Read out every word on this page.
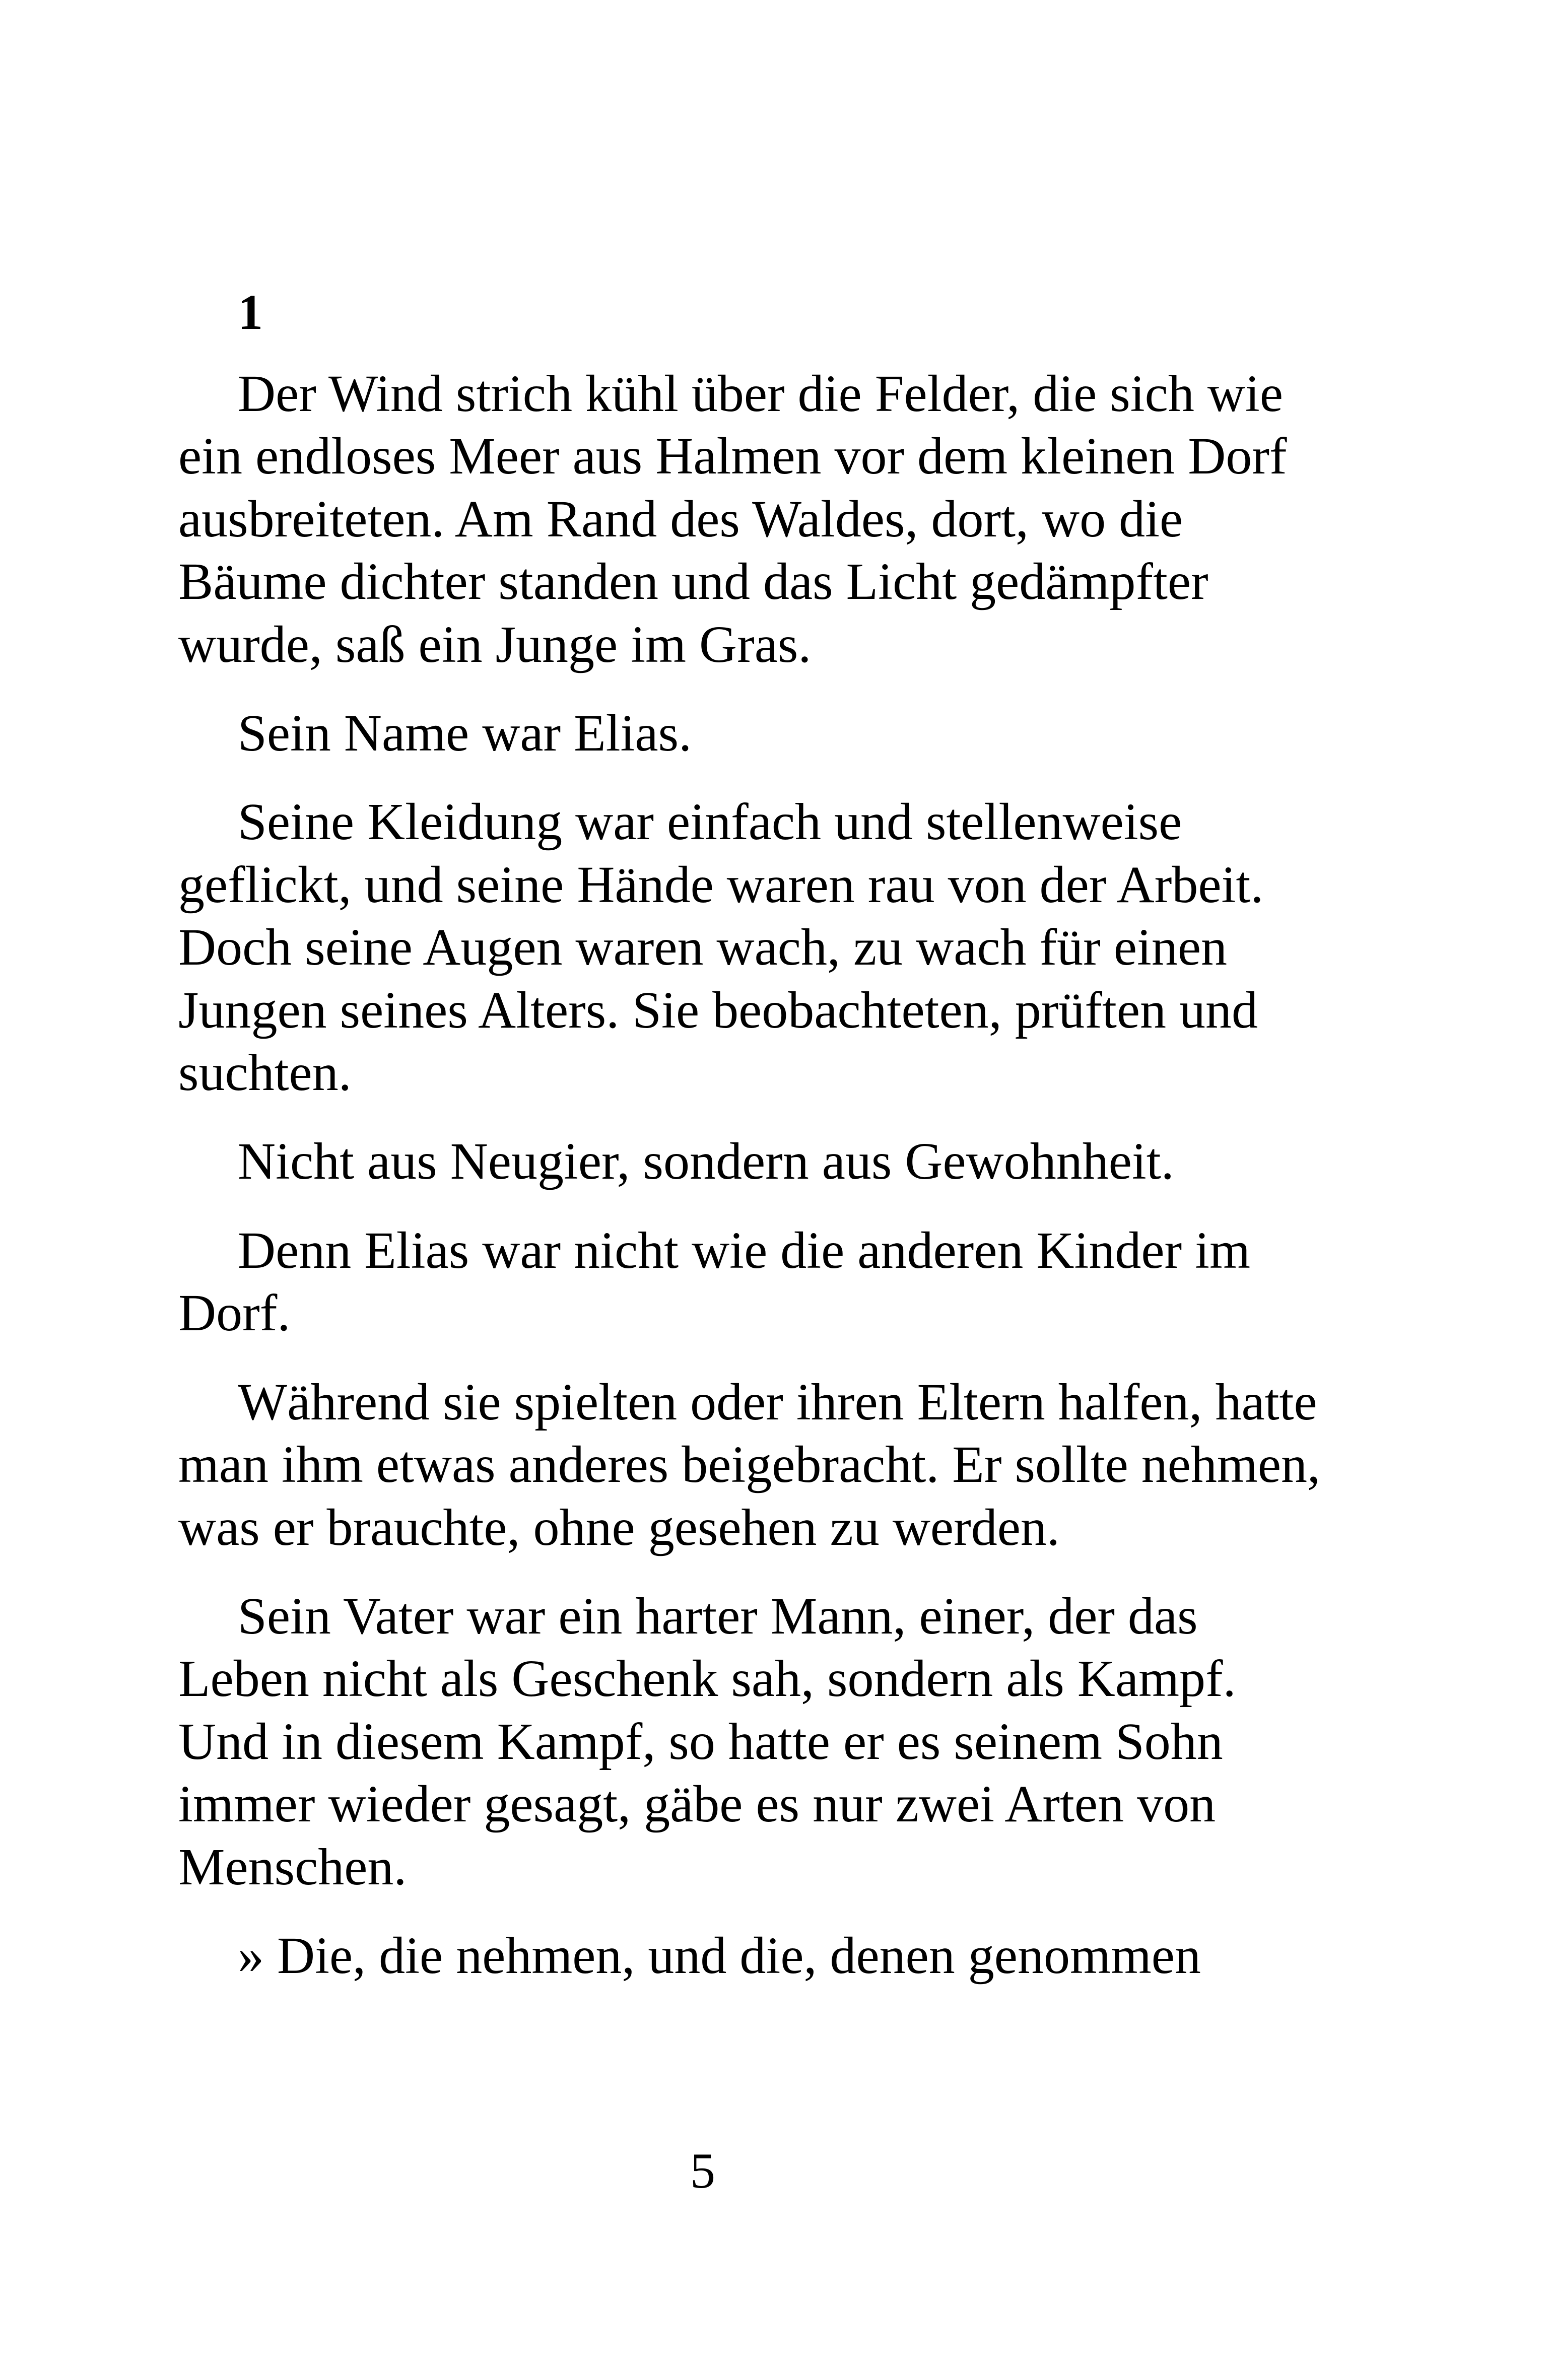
1

Der Wind strich kühl über die Felder, die sich wie
ein endloses Meer aus Halmen vor dem kleinen Dorf
ausbreiteten. Am Rand des Waldes, dort, wo die
Bäume dichter standen und das Licht gedämpfter
wurde, saß ein Junge im Gras.

Sein Name war Elias.

Seine Kleidung war einfach und stellenweise
geflickt, und seine Hände waren rau von der Arbeit.
Doch seine Augen waren wach, zu wach für einen
Jungen seines Alters. Sie beobachteten, prüften und
suchten.

Nicht aus Neugier, sondern aus Gewohnheit.

Denn Elias war nicht wie die anderen Kinder im
Dorf.

Während sie spielten oder ihren Eltern halfen, hatte
man ihm etwas anderes beigebracht. Er sollte nehmen,
was er brauchte, ohne gesehen zu werden.

Sein Vater war ein harter Mann, einer, der das
Leben nicht als Geschenk sah, sondern als Kampf.
Und in diesem Kampf, so hatte er es seinem Sohn
immer wieder gesagt, gäbe es nur zwei Arten von
Menschen.

» Die, die nehmen, und die, denen genommen

5
